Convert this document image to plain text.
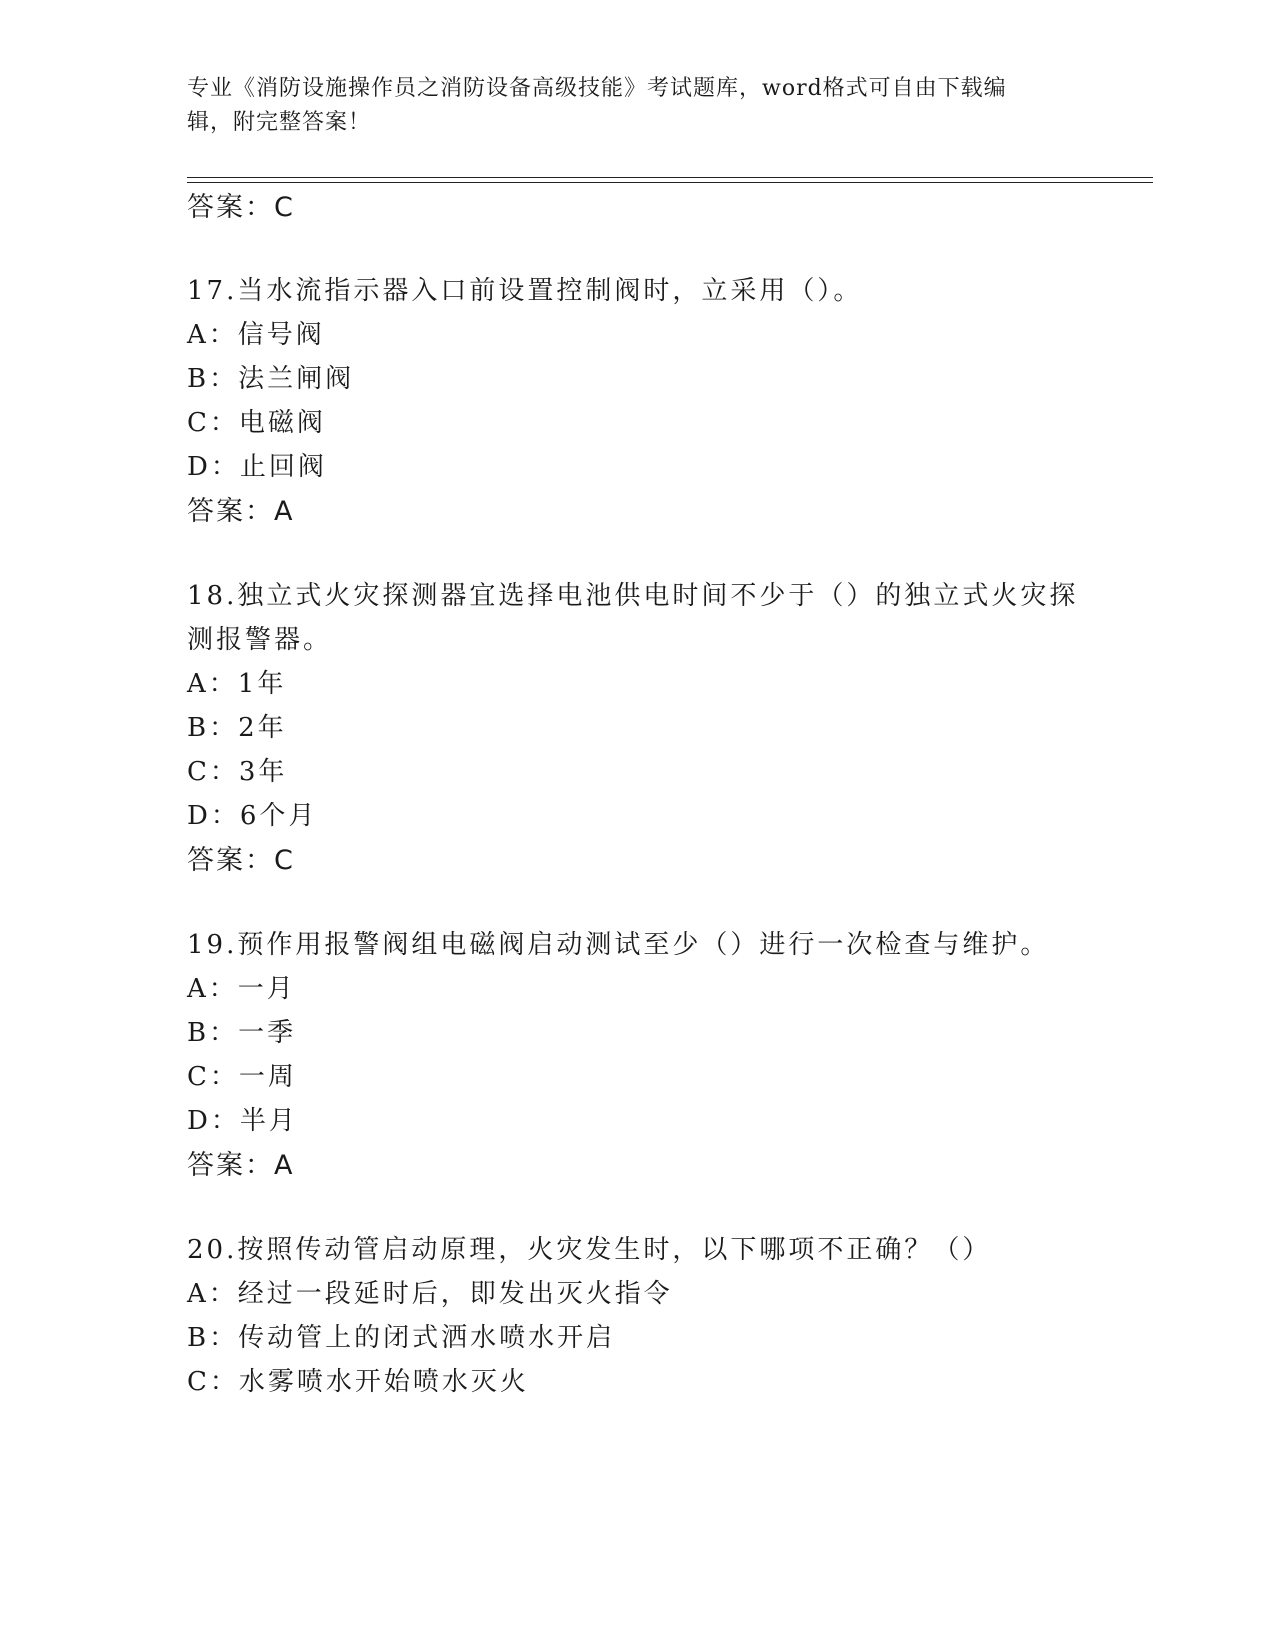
专业《消防设施操作员之消防设备高级技能》考试题库，word格式可自由下载编
辑，附完整答案！
答案：C
17.当水流指示器入口前设置控制阀时，立采用（）。
A：信号阀
B：法兰闸阀
C：电磁阀
D：止回阀
答案：A
18.独立式火灾探测器宜选择电池供电时间不少于（）的独立式火灾探
测报警器。
A：1年
B：2年
C：3年
D：6个月
答案：C
19.预作用报警阀组电磁阀启动测试至少（）进行一次检查与维护。
A：一月
B：一季
C：一周
D：半月
答案：A
20.按照传动管启动原理，火灾发生时，以下哪项不正确？（）
A：经过一段延时后，即发出灭火指令
B：传动管上的闭式洒水喷水开启
C：水雾喷水开始喷水灭火
